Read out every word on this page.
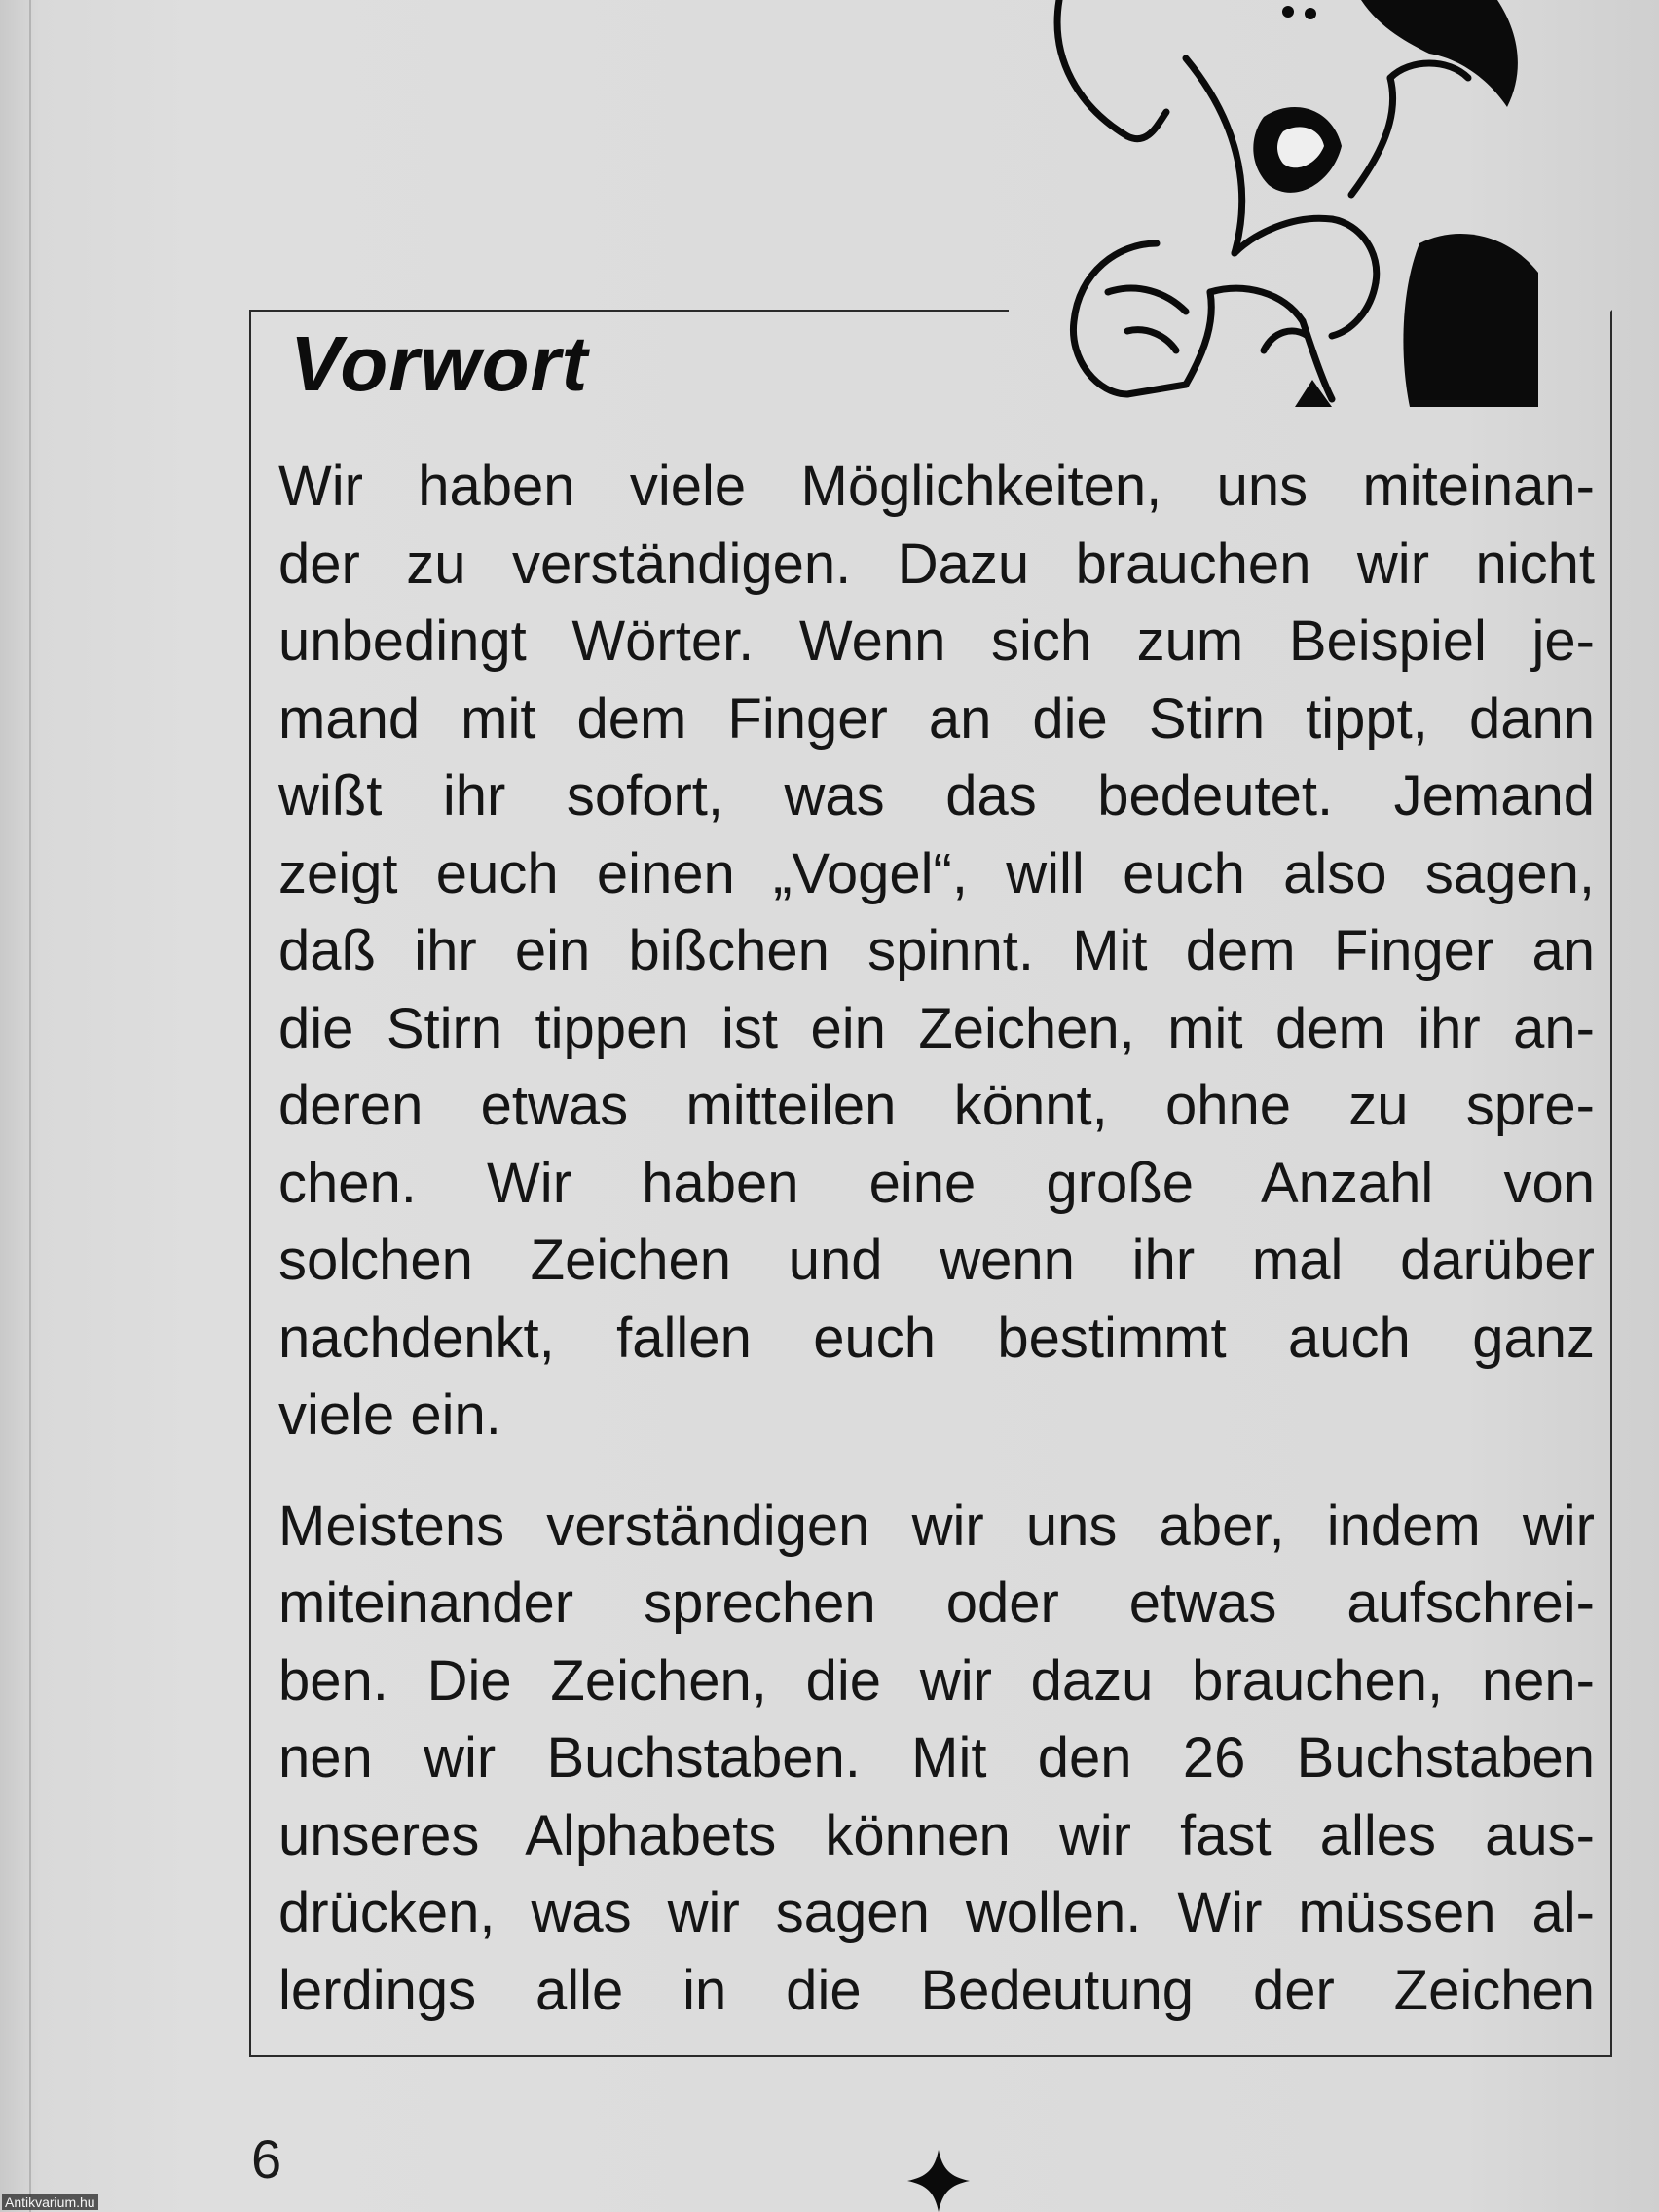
Vorwort

Wir haben viele Möglichkeiten, uns miteinan-
der zu verständigen. Dazu brauchen wir nicht
unbedingt Wörter. Wenn sich zum Beispiel je-
mand mit dem Finger an die Stirn tippt, dann
wißt ihr sofort, was das bedeutet. Jemand
zeigt euch einen „Vogel“, will euch also sagen,
daß ihr ein bißchen spinnt. Mit dem Finger an
die Stirn tippen ist ein Zeichen, mit dem ihr an-
deren etwas mitteilen könnt, ohne zu spre-
chen. Wir haben eine große Anzahl von
solchen Zeichen und wenn ihr mal darüber
nachdenkt, fallen euch bestimmt auch ganz
viele ein.

Meistens verständigen wir uns aber, indem wir
miteinander sprechen oder etwas aufschrei-
ben. Die Zeichen, die wir dazu brauchen, nen-
nen wir Buchstaben. Mit den 26 Buchstaben
unseres Alphabets können wir fast alles aus-
drücken, was wir sagen wollen. Wir müssen al-
lerdings alle in die Bedeutung der Zeichen

6
Antikvarium.hu
